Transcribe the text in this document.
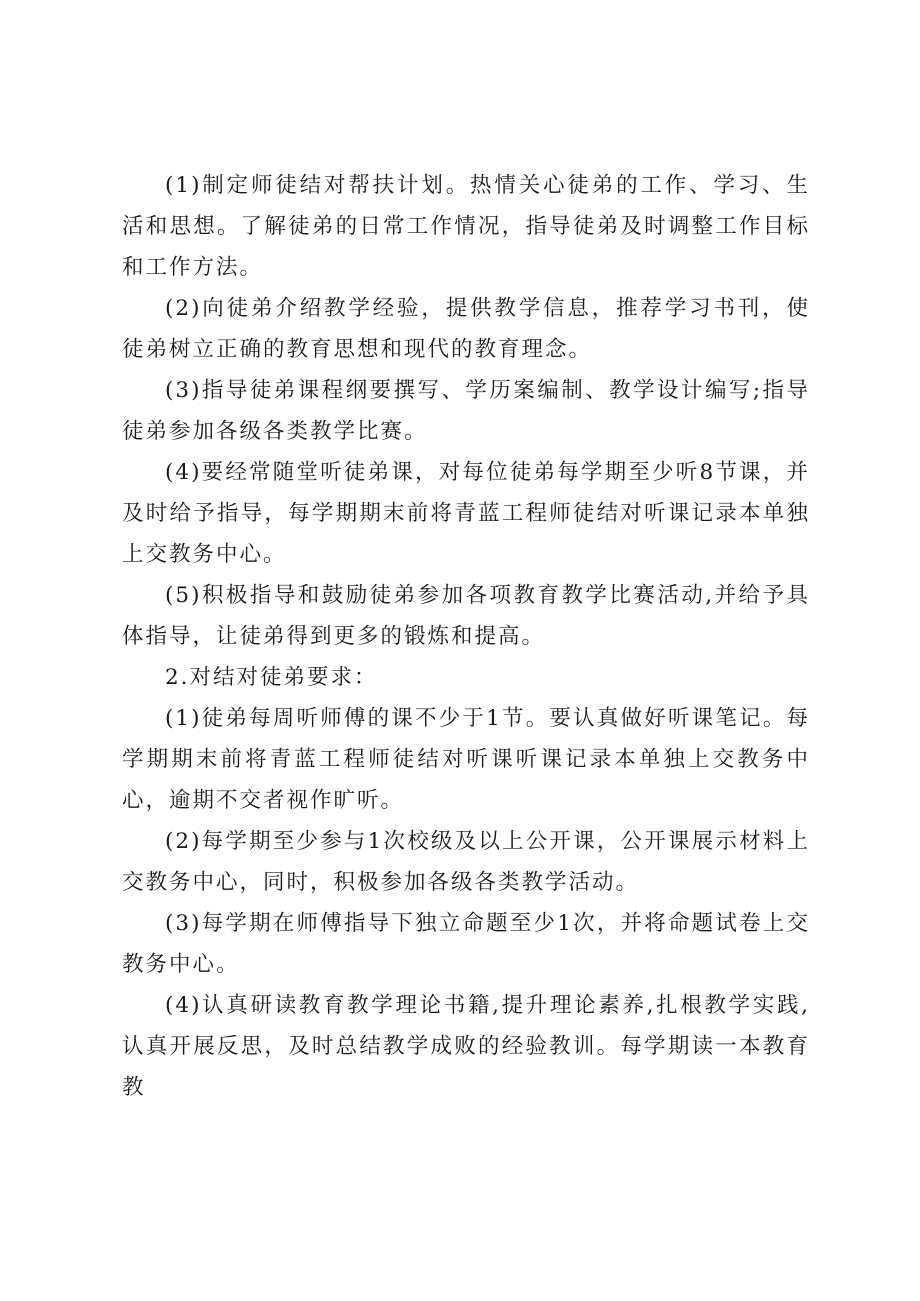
(1)制定师徒结对帮扶计划。热情关心徒弟的工作、学习、生活和思想。了解徒弟的日常工作情况，指导徒弟及时调整工作目标和工作方法。

(2)向徒弟介绍教学经验，提供教学信息，推荐学习书刊，使徒弟树立正确的教育思想和现代的教育理念。

(3)指导徒弟课程纲要撰写、学历案编制、教学设计编写;指导徒弟参加各级各类教学比赛。

(4)要经常随堂听徒弟课，对每位徒弟每学期至少听8节课，并及时给予指导，每学期期末前将青蓝工程师徒结对听课记录本单独上交教务中心。

(5)积极指导和鼓励徒弟参加各项教育教学比赛活动,并给予具体指导，让徒弟得到更多的锻炼和提高。

2.对结对徒弟要求：

(1)徒弟每周听师傅的课不少于1节。要认真做好听课笔记。每学期期末前将青蓝工程师徒结对听课听课记录本单独上交教务中心，逾期不交者视作旷听。

(2)每学期至少参与1次校级及以上公开课，公开课展示材料上交教务中心，同时，积极参加各级各类教学活动。

(3)每学期在师傅指导下独立命题至少1次，并将命题试卷上交教务中心。

(4)认真研读教育教学理论书籍,提升理论素养,扎根教学实践,认真开展反思，及时总结教学成败的经验教训。每学期读一本教育教
